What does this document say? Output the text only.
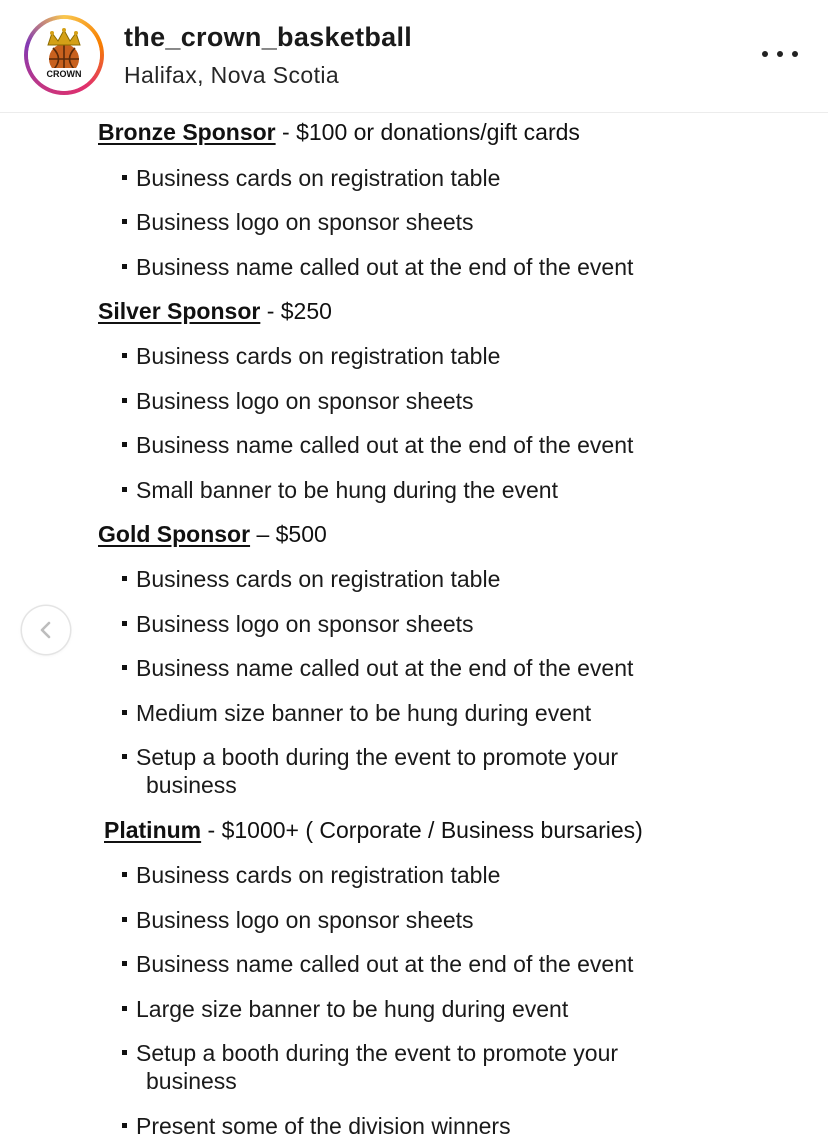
CROWN
the_crown_basketball
Halifax, Nova Scotia
Bronze Sponsor - $100 or donations/gift cards
Business cards on registration table
Business logo on sponsor sheets
Business name called out at the end of the event
Silver Sponsor - $250
Business cards on registration table
Business logo on sponsor sheets
Business name called out at the end of the event
Small banner to be hung during the event
Gold Sponsor – $500
Business cards on registration table
Business logo on sponsor sheets
Business name called out at the end of the event
Medium size banner to be hung during event
Setup a booth during the event to promote your
business
Platinum - $1000+ ( Corporate / Business bursaries)
Business cards on registration table
Business logo on sponsor sheets
Business name called out at the end of the event
Large size banner to be hung during event
Setup a booth during the event to promote your
business
Present some of the division winners
